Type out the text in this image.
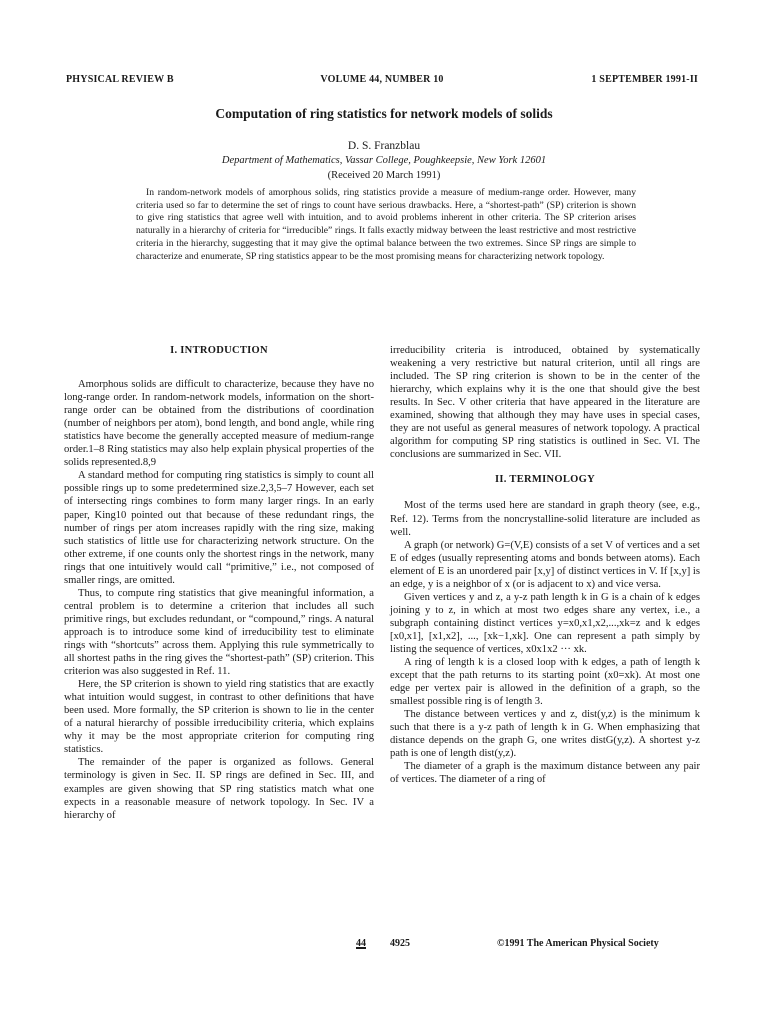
PHYSICAL REVIEW B	VOLUME 44, NUMBER 10	1 SEPTEMBER 1991-II
Computation of ring statistics for network models of solids
D. S. Franzblau
Department of Mathematics, Vassar College, Poughkeepsie, New York 12601
(Received 20 March 1991)
In random-network models of amorphous solids, ring statistics provide a measure of medium-range order. However, many criteria used so far to determine the set of rings to count have serious drawbacks. Here, a “shortest-path” (SP) criterion is shown to give ring statistics that agree well with intuition, and to avoid problems inherent in other criteria. The SP criterion arises naturally in a hierarchy of criteria for “irreducible” rings. It falls exactly midway between the least restrictive and most restrictive criteria in the hierarchy, suggesting that it may give the optimal balance between the two extremes. Since SP rings are simple to characterize and enumerate, SP ring statistics appear to be the most promising means for characterizing network topology.
I. INTRODUCTION

Amorphous solids are difficult to characterize, because they have no long-range order. In random-network models, information on the short-range order can be obtained from the distributions of coordination (number of neighbors per atom), bond length, and bond angle, while ring statistics have become the generally accepted measure of medium-range order.1–8 Ring statistics may also help explain physical properties of the solids represented.8,9

A standard method for computing ring statistics is simply to count all possible rings up to some predetermined size.2,3,5–7 However, each set of intersecting rings combines to form many larger rings. In an early paper, King10 pointed out that because of these redundant rings, the number of rings per atom increases rapidly with the ring size, making such statistics of little use for characterizing network structure. On the other extreme, if one counts only the shortest rings in the network, many rings that one intuitively would call “primitive,” i.e., not composed of smaller rings, are omitted.

Thus, to compute ring statistics that give meaningful information, a central problem is to determine a criterion that includes all such primitive rings, but excludes redundant, or “compound,” rings. A natural approach is to introduce some kind of irreducibility test to eliminate rings with “shortcuts” across them. Applying this rule symmetrically to all shortest paths in the ring gives the “shortest-path” (SP) criterion. This criterion was also suggested in Ref. 11.

Here, the SP criterion is shown to yield ring statistics that are exactly what intuition would suggest, in contrast to other definitions that have been used. More formally, the SP criterion is shown to lie in the center of a natural hierarchy of possible irreducibility criteria, which explains why it may be the most appropriate criterion for computing ring statistics.

The remainder of the paper is organized as follows. General terminology is given in Sec. II. SP rings are defined in Sec. III, and examples are given showing that SP ring statistics match what one expects in a reasonable measure of network topology. In Sec. IV a hierarchy of

irreducibility criteria is introduced, obtained by systematically weakening a very restrictive but natural criterion, until all rings are included. The SP ring criterion is shown to be in the center of the hierarchy, which explains why it is the one that should give the best results. In Sec. V other criteria that have appeared in the literature are examined, showing that although they may have uses in special cases, they are not useful as general measures of network topology. A practical algorithm for computing SP ring statistics is outlined in Sec. VI. The conclusions are summarized in Sec. VII.

II. TERMINOLOGY

Most of the terms used here are standard in graph theory (see, e.g., Ref. 12). Terms from the noncrystalline-solid literature are included as well.

A graph (or network) G=(V,E) consists of a set V of vertices and a set E of edges (usually representing atoms and bonds between atoms). Each element of E is an unordered pair [x,y] of distinct vertices in V. If [x,y] is an edge, y is a neighbor of x (or is adjacent to x) and vice versa.

Given vertices y and z, a y-z path length k in G is a chain of k edges joining y to z, in which at most two edges share any vertex, i.e., a subgraph containing distinct vertices y=x0,x1,x2,...,xk=z and k edges [x0,x1], [x1,x2], ..., [xk−1,xk]. One can represent a path simply by listing the sequence of vertices, x0x1x2 ··· xk.

A ring of length k is a closed loop with k edges, a path of length k except that the path returns to its starting point (x0=xk). At most one edge per vertex pair is allowed in the definition of a graph, so the smallest possible ring is of length 3.

The distance between vertices y and z, dist(y,z) is the minimum k such that there is a y-z path of length k in G. When emphasizing that distance depends on the graph G, one writes distG(y,z). A shortest y-z path is one of length dist(y,z).

The diameter of a graph is the maximum distance between any pair of vertices. The diameter of a ring of

44 4925	©1991 The American Physical Society
